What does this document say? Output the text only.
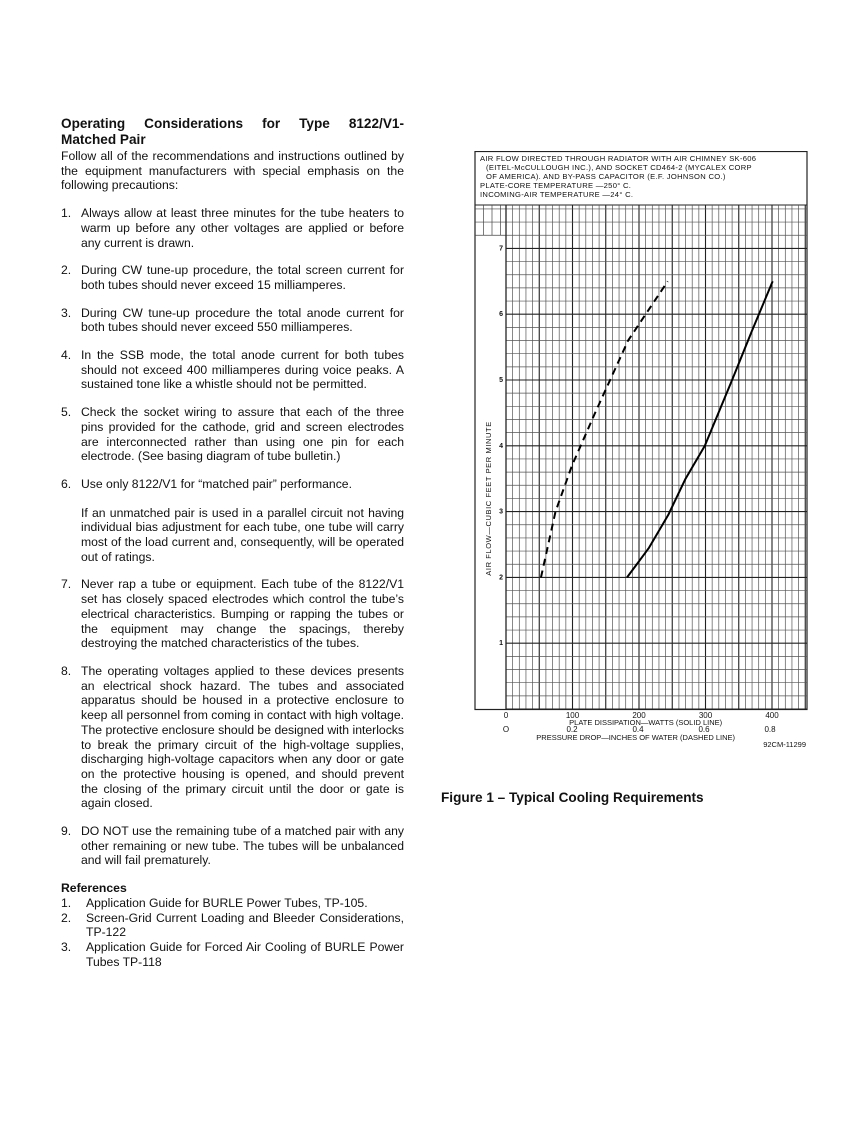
Operating Considerations for Type 8122/V1-
Matched Pair

Follow all of the recommendations and instructions outlined by the equipment manufacturers with special emphasis on the following precautions:

1. Always allow at least three minutes for the tube heaters to warm up before any other voltages are applied or before any current is drawn.

2. During CW tune-up procedure, the total screen current for both tubes should never exceed 15 milliamperes.

3. During CW tune-up procedure the total anode current for both tubes should never exceed 550 milliamperes.

4. In the SSB mode, the total anode current for both tubes should not exceed 400 milliamperes during voice peaks. A sustained tone like a whistle should not be permitted.

5. Check the socket wiring to assure that each of the three pins provided for the cathode, grid and screen electrodes are interconnected rather than using one pin for each electrode. (See basing diagram of tube bulletin.)

6. Use only 8122/V1 for “matched pair” performance.

If an unmatched pair is used in a parallel circuit not having individual bias adjustment for each tube, one tube will carry most of the load current and, consequently, will be operated out of ratings.

7. Never rap a tube or equipment. Each tube of the 8122/V1 set has closely spaced electrodes which control the tube’s electrical characteristics. Bumping or rapping the tubes or the equipment may change the spacings, thereby destroying the matched characteristics of the tubes.

8. The operating voltages applied to these devices presents an electrical shock hazard. The tubes and associated apparatus should be housed in a protective enclosure to keep all personnel from coming in contact with high voltage. The protective enclosure should be designed with interlocks to break the primary circuit of the high-voltage supplies, discharging high-voltage capacitors when any door or gate on the protective housing is opened, and should prevent the closing of the primary circuit until the door or gate is again closed.

9. DO NOT use the remaining tube of a matched pair with any other remaining or new tube. The tubes will be unbalanced and will fail prematurely.

References
1.	Application Guide for BURLE Power Tubes, TP-105.
2.	Screen-Grid Current Loading and Bleeder Considerations, TP-122
3.	Application Guide for Forced Air Cooling of BURLE Power Tubes TP-118
1
2
3
4
5
6
7
AIR FLOW—CUBIC FEET PER MINUTE
AIR FLOW DIRECTED THROUGH RADIATOR WITH AIR CHIMNEY SK-606
(EITEL-McCULLOUGH INC.), AND SOCKET CD464-2 (MYCALEX CORP
OF AMERICA). AND BY-PASS CAPACITOR (E.F. JOHNSON CO.)
PLATE-CORE TEMPERATURE —250° C.
INCOMING-AIR TEMPERATURE —24° C.
0	100	200	300	400
PLATE DISSIPATION—WATTS (SOLID LINE)
O	0.2	0.4	0.6	0.8
PRESSURE DROP—INCHES OF WATER (DASHED LINE)
92CM-11299
Figure 1 – Typical Cooling Requirements
